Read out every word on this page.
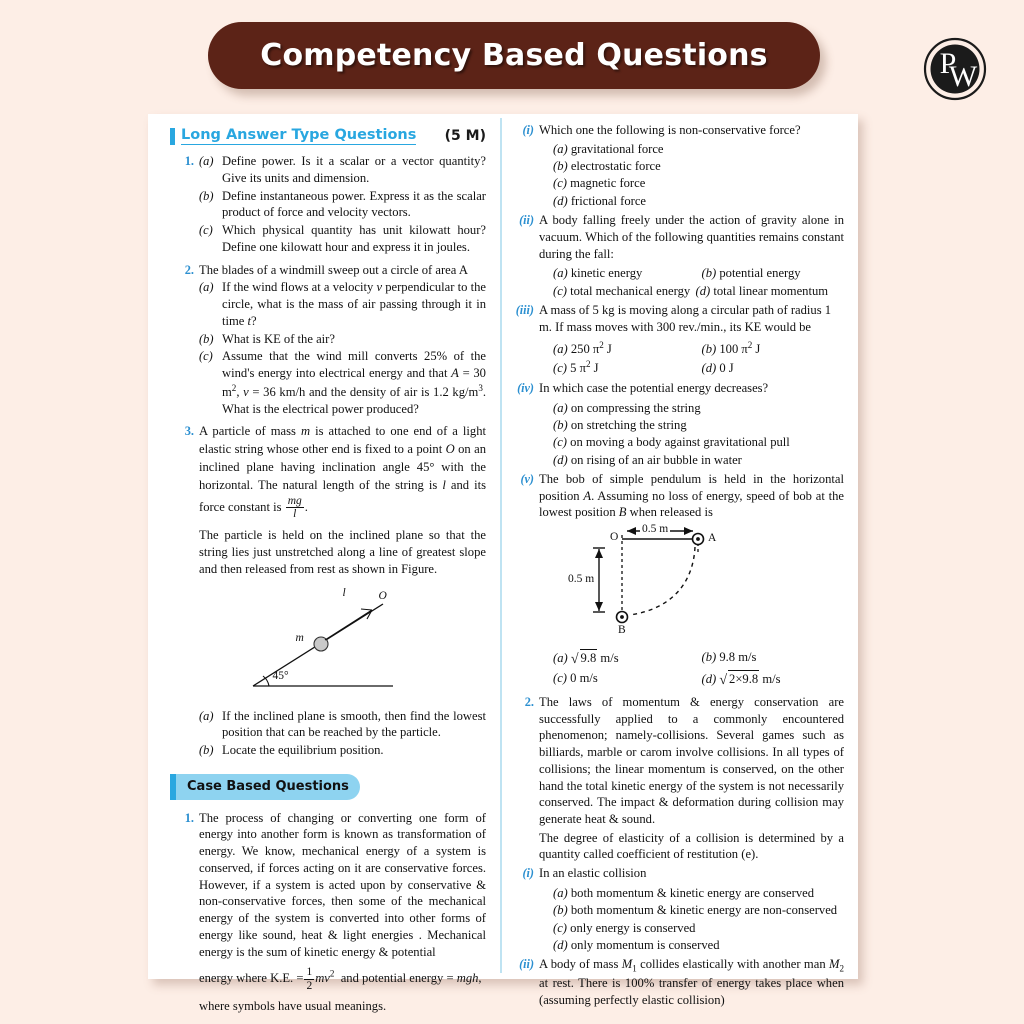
Competency Based Questions	P
W
Long Answer Type Questions (5 M)
1. (a) Define power. Is it a scalar or a vector quantity? Give its units and dimension.
(b) Define instantaneous power. Express it as the scalar product of force and velocity vectors.
(c) Which physical quantity has unit kilowatt hour? Define one kilowatt hour and express it in joules.
2. The blades of a windmill sweep out a circle of area A
(a) If the wind flows at a velocity v perpendicular to the circle, what is the mass of air passing through it in time t?
(b) What is KE of the air?
(c) Assume that the wind mill converts 25% of the wind's energy into electrical energy and that A = 30 $m^2$, v = 36 km/h and the density of air is 1.2 $kg/m^3$. What is the electrical power produced?
3. A particle of mass m is attached to one end of a light elastic string whose other end is fixed to a point O on an inclined plane having inclination angle 45° with the horizontal. The natural length of the string is l and its force constant is $\frac{mg}{l}$ .
The particle is held on the inclined plane so that the string lies just unstretched along a line of greatest slope and then released from rest as shown in Figure.
l	O
m
45°
(a) If the inclined plane is smooth, then find the lowest position that can be reached by the particle.
(b) Locate the equilibrium position.
Case Based Questions
1. The process of changing or converting one form of energy into another form is known as transformation of energy. We know, mechanical energy of a system is conserved, if forces acting on it are conservative forces. However, if a system is acted upon by conservative & non-conservative forces, then some of the mechanical energy of the system is converted into other forms of energy like sound, heat & light energies . Mechanical energy is the sum of kinetic energy & potential
energy where K.E. = $\frac{1}{2} mv^2$ and potential energy = mgh,
where symbols have usual meanings.
(i) Which one the following is non-conservative force?
(a) gravitational force
(b) electrostatic force
(c) magnetic force
(d) frictional force
(ii) A body falling freely under the action of gravity alone in vacuum. Which of the following quantities remains constant during the fall:
(a) kinetic energy	(b) potential energy
(c) total mechanical energy (d) total linear momentum
(iii) A mass of 5 kg is moving along a circular path of radius 1 m. If mass moves with 300 rev./min., its KE would be
(a) 250 $\pi^2$ J	(b) 100 $\pi^2$ J
(c) 5 $\pi^2$ J	(d) 0 J
(iv) In which case the potential energy decreases?
(a) on compressing the string
(b) on stretching the string
(c) on moving a body against gravitational pull
(d) on rising of an air bubble in water
(v) The bob of simple pendulum is held in the horizontal position A. Assuming no loss of energy, speed of bob at the lowest position B when released is
O	A
B
0.5 m
0.5 m
(a) √ 9.8 m/s	(b) 9.8 m/s
(c) 0 m/s	(d) √ 2×9.8 m/s
2. The laws of momentum & energy conservation are successfully applied to a commonly encountered phenomenon; namely-collisions. Several games such as billiards, marble or carom involve collisions. In all types of collisions; the linear momentum is conserved, on the other hand the total kinetic energy of the system is not necessarily conserved. The impact & deformation during collision may generate heat & sound.
The degree of elasticity of a collision is determined by a quantity called coefficient of restitution (e).
(i) In an elastic collision
(a) both momentum & kinetic energy are conserved
(b) both momentum & kinetic energy are non-conserved
(c) only energy is conserved
(d) only momentum is conserved
(ii) A body of mass $M_1$ collides elastically with another man $M_2$ at rest. There is 100% transfer of energy takes place when (assuming perfectly elastic collision)
